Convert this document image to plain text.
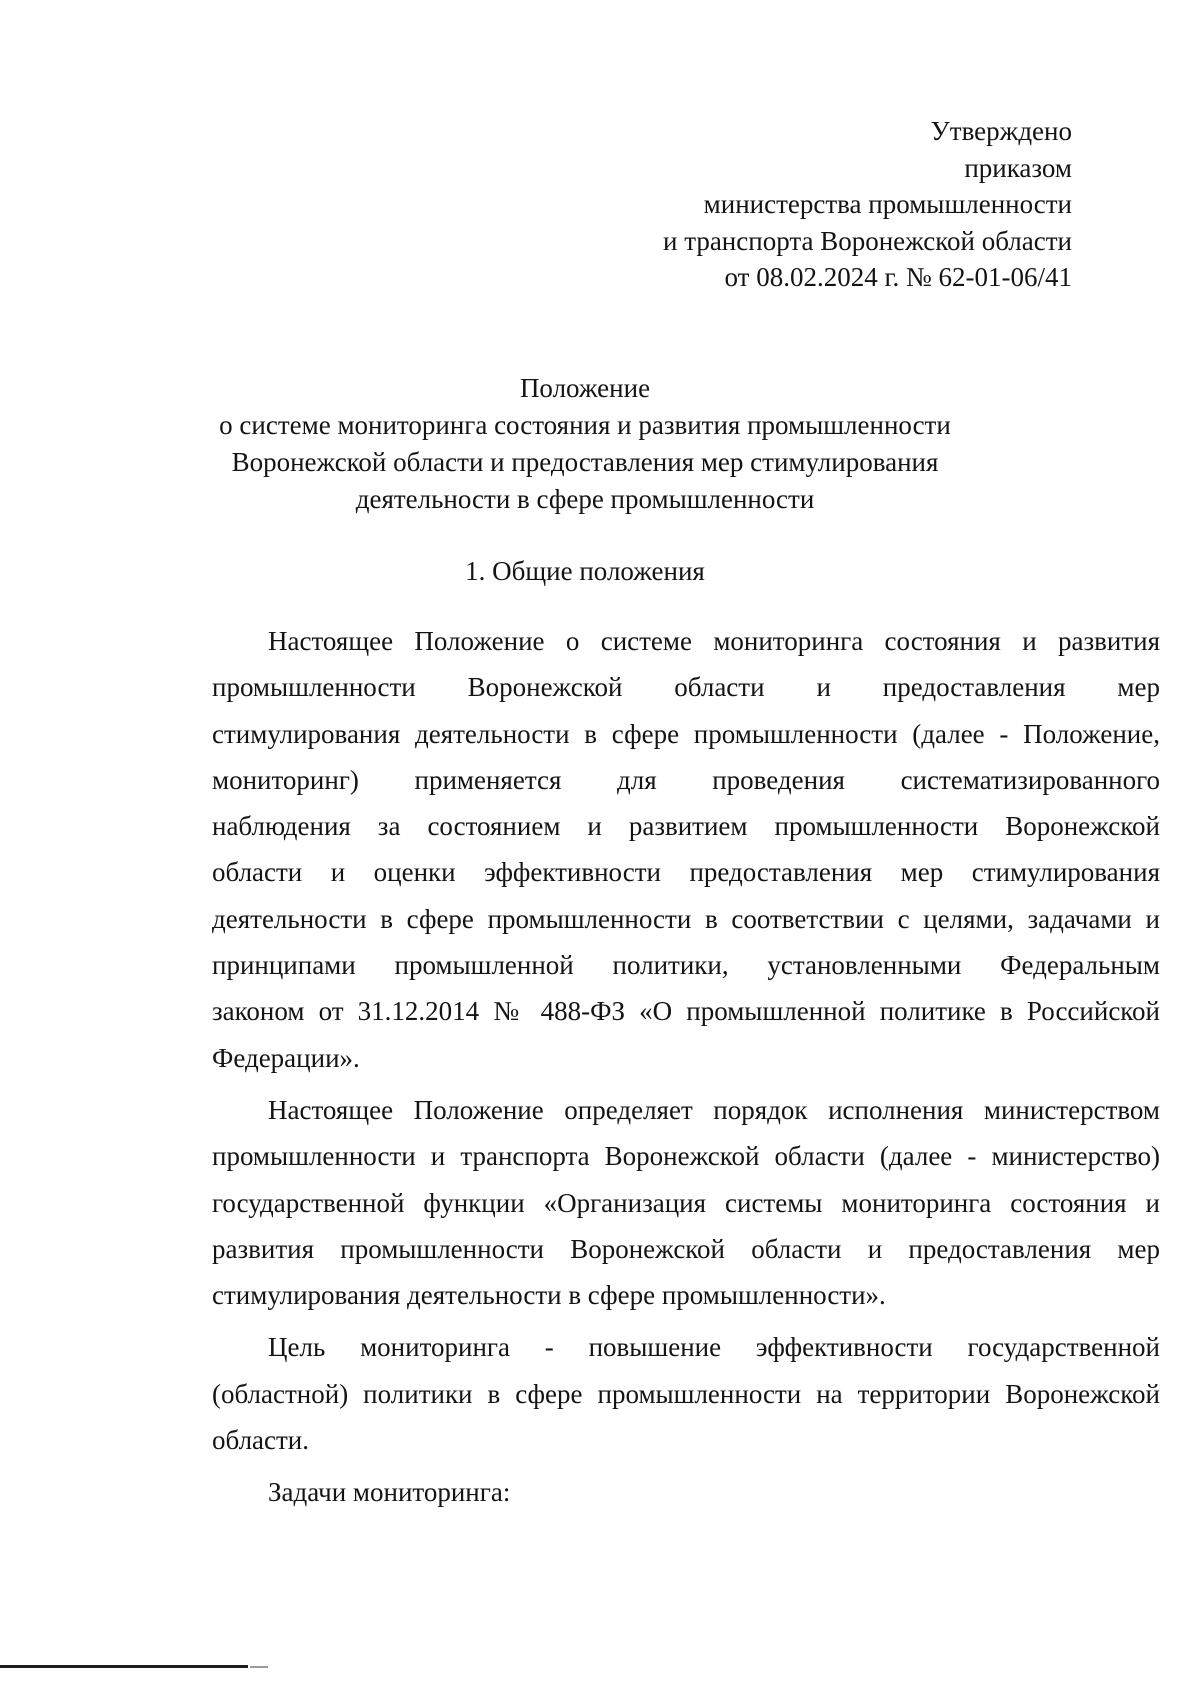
Утверждено
приказом
министерства промышленности
и транспорта Воронежской области
от 08.02.2024 г. № 62-01-06/41
Положение
о системе мониторинга состояния и развития промышленности
Воронежской области и предоставления мер стимулирования
деятельности в сфере промышленности
1. Общие положения
Настоящее Положение о системе мониторинга состояния и развития
промышленности Воронежской области и предоставления мер
стимулирования деятельности в сфере промышленности (далее - Положение,
мониторинг) применяется для проведения систематизированного
наблюдения за состоянием и развитием промышленности Воронежской
области и оценки эффективности предоставления мер стимулирования
деятельности в сфере промышленности в соответствии с целями, задачами и
принципами промышленной политики, установленными Федеральным
законом от 31.12.2014 № 488-ФЗ «О промышленной политике в Российской
Федерации».
Настоящее Положение определяет порядок исполнения министерством
промышленности и транспорта Воронежской области (далее - министерство)
государственной функции «Организация системы мониторинга состояния и
развития промышленности Воронежской области и предоставления мер
стимулирования деятельности в сфере промышленности».
Цель мониторинга - повышение эффективности государственной
(областной) политики в сфере промышленности на территории Воронежской
области.
Задачи мониторинга:
